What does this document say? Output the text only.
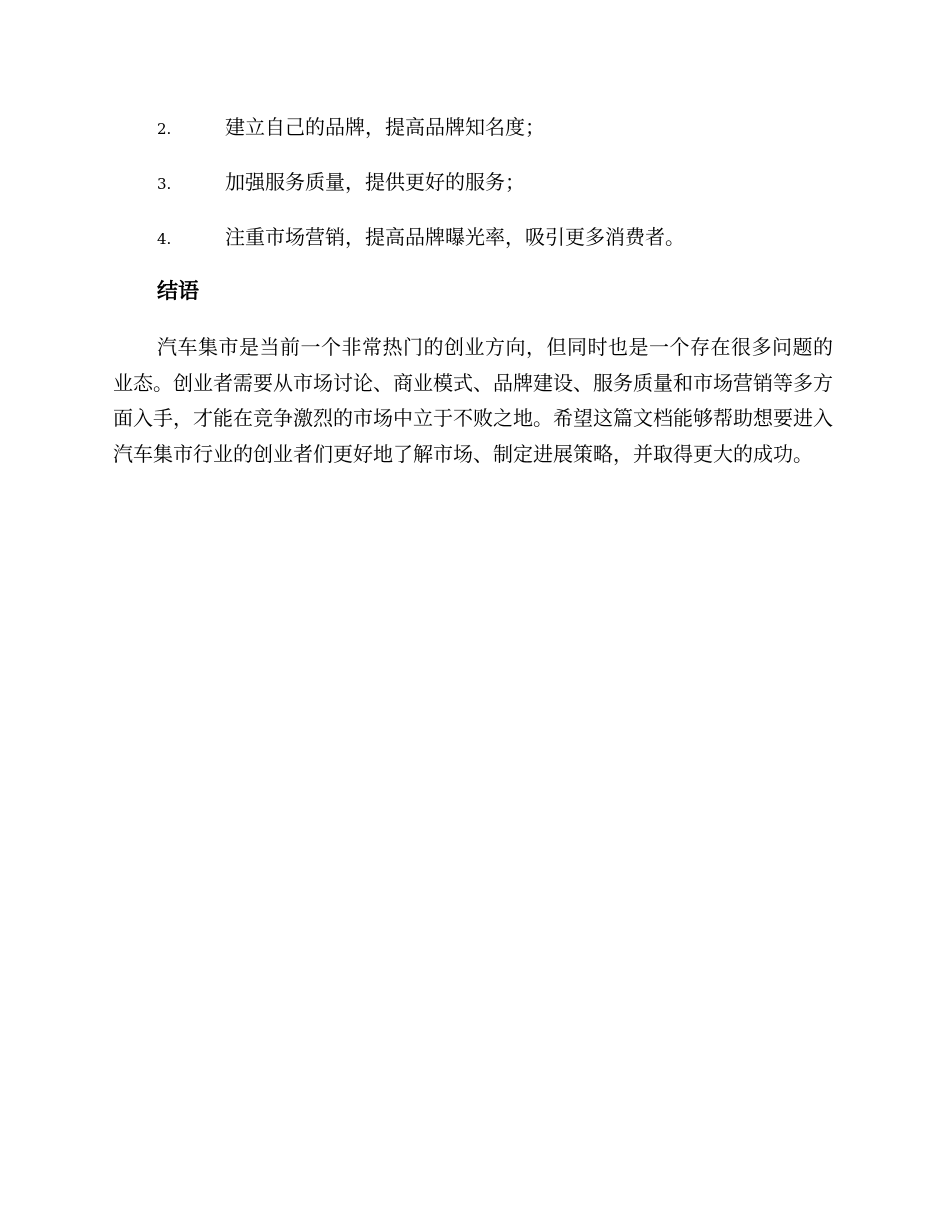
2.	建立自己的品牌，提高品牌知名度；
3.	加强服务质量，提供更好的服务；
4.	注重市场营销，提高品牌曝光率，吸引更多消费者。
结语

汽车集市是当前一个非常热门的创业方向，但同时也是一个存在很多问题的业态。创业者需要从市场讨论、商业模式、品牌建设、服务质量和市场营销等多方面入手，才能在竞争激烈的市场中立于不败之地。希望这篇文档能够帮助想要进入汽车集市行业的创业者们更好地了解市场、制定进展策略，并取得更大的成功。
